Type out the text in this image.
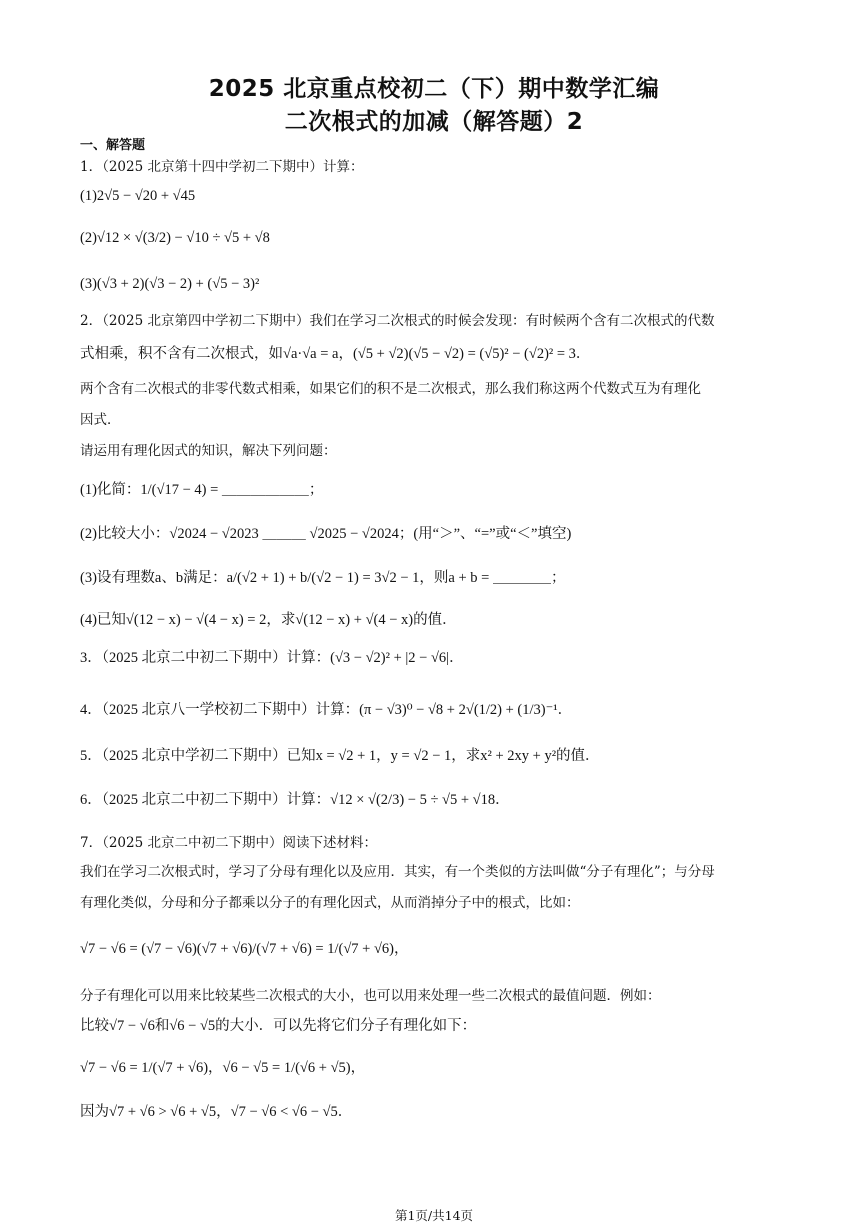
2025 北京重点校初二（下）期中数学汇编
二次根式的加减（解答题）2
一、解答题
1．（2025 北京第十四中学初二下期中）计算：
(1)2√5 − √20 + √45
(2)√12 × √(3/2) − √10 ÷ √5 + √8
(3)(√3 + 2)(√3 − 2) + (√5 − 3)²
2．（2025 北京第四中学初二下期中）我们在学习二次根式的时候会发现：有时候两个含有二次根式的代数
式相乘，积不含有二次根式，如√a·√a = a，(√5 + √2)(√5 − √2) = (√5)² − (√2)² = 3．
两个含有二次根式的非零代数式相乘，如果它们的积不是二次根式，那么我们称这两个代数式互为有理化
因式．
请运用有理化因式的知识，解决下列问题：
(1)化简：1/(√17 − 4) = ＿＿＿＿＿＿；
(2)比较大小：√2024 − √2023 ＿＿＿ √2025 − √2024；(用“＞”、“=”或“＜”填空)
(3)设有理数a、b满足：a/(√2 + 1) + b/(√2 − 1) = 3√2 − 1，则a + b = ＿＿＿＿；
(4)已知√(12 − x) − √(4 − x) = 2，求√(12 − x) + √(4 − x)的值．
3．（2025 北京二中初二下期中）计算：(√3 − √2)² + |2 − √6|．
4．（2025 北京八一学校初二下期中）计算：(π − √3)⁰ − √8 + 2√(1/2) + (1/3)⁻¹．
5．（2025 北京中学初二下期中）已知x = √2 + 1，y = √2 − 1，求x² + 2xy + y²的值．
6．（2025 北京二中初二下期中）计算：√12 × √(2/3) − 5 ÷ √5 + √18．
7．（2025 北京二中初二下期中）阅读下述材料：
我们在学习二次根式时，学习了分母有理化以及应用．其实，有一个类似的方法叫做“分子有理化”；与分母
有理化类似，分母和分子都乘以分子的有理化因式，从而消掉分子中的根式，比如：
√7 − √6 = (√7 − √6)(√7 + √6)/(√7 + √6) = 1/(√7 + √6)，
分子有理化可以用来比较某些二次根式的大小，也可以用来处理一些二次根式的最值问题．例如：
比较√7 − √6和√6 − √5的大小．可以先将它们分子有理化如下：
√7 − √6 = 1/(√7 + √6)，√6 − √5 = 1/(√6 + √5)，
因为√7 + √6 > √6 + √5，√7 − √6 < √6 − √5．
第1页/共14页
